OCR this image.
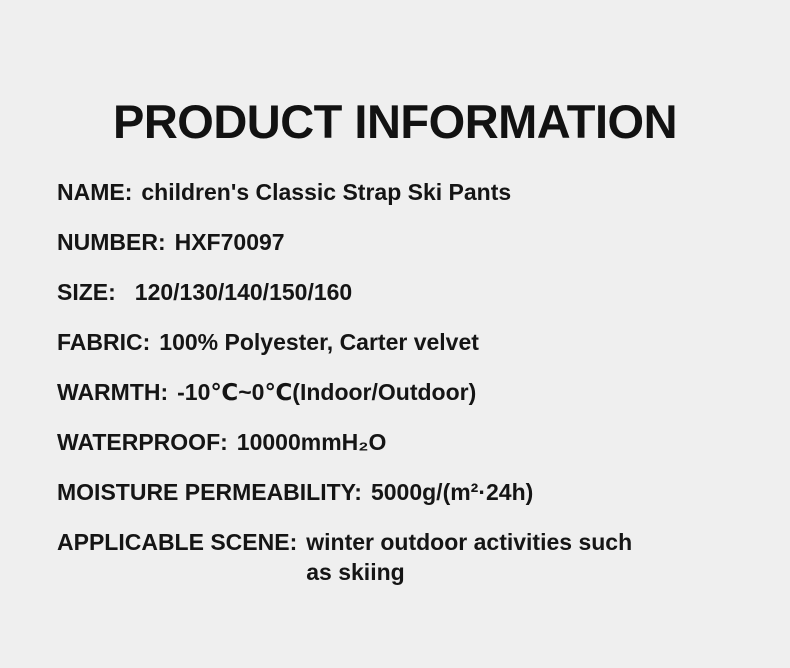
PRODUCT INFORMATION
NAME: children's Classic Strap Ski Pants
NUMBER: HXF70097
SIZE: 120/130/140/150/160
FABRIC: 100% Polyester, Carter velvet
WARMTH: -10℃~0℃(Indoor/Outdoor)
WATERPROOF: 10000mmH₂O
MOISTURE PERMEABILITY: 5000g/(m²·24h)
APPLICABLE SCENE: winter outdoor activities such as skiing
